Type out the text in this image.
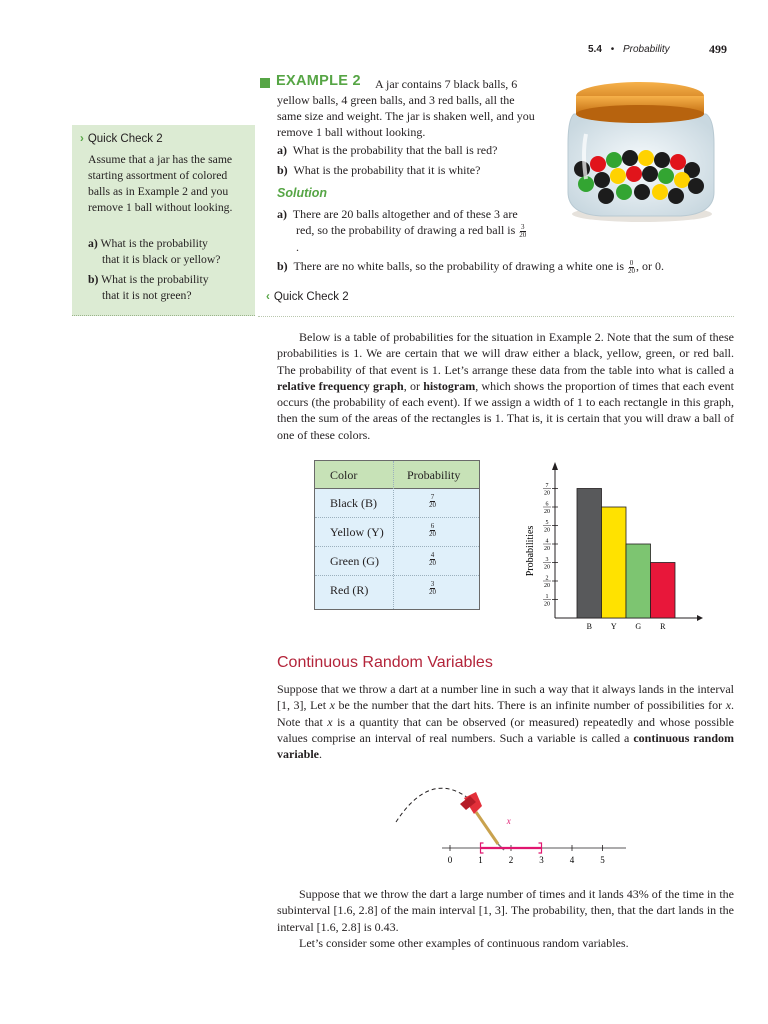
5.4 • Probability	499
› Quick Check 2
Assume that a jar has the same starting assortment of colored balls as in Example 2 and you remove 1 ball without looking.
a) What is the probability
that it is black or yellow?
b) What is the probability
that it is not green?
EXAMPLE 2	A jar contains 7 black balls, 6 yellow balls, 4 green balls, and 3 red balls, all the same size and weight. The jar is shaken well, and you remove 1 ball without looking.
a) What is the probability that the ball is red?
b) What is the probability that it is white?
Solution
a) There are 20 balls altogether and of these 3 are
red, so the probability of drawing a red ball is $\frac{3}{20}$
.
b) There are no white balls, so the probability of drawing a white one is $\frac{0}{20}$ , or 0.
‹ Quick Check 2
Below is a table of probabilities for the situation in Example 2. Note that the sum of these probabilities is 1. We are certain that we will draw either a black, yellow, green, or red ball. The probability of that event is 1. Let’s arrange these data from the table into what is called a relative frequency graph, or histogram, which shows the proportion of times that each event occurs (the probability of each event). If we assign a width of 1 to each rectangle in this graph, then the sum of the areas of the rectangles is 1. That is, it is certain that you will draw a ball of one of these colors.
Color	Probability
Black (B)	$\frac{7}{20}$
Yellow (Y)	$\frac{6}{20}$
Green (G)	$\frac{4}{20}$
Red (R)	$\frac{3}{20}$
1
20
2
20
3
20
4
20
5
20
6
20
7
20
B Y G R
Probabilities
Continuous Random Variables
Suppose that we throw a dart at a number line in such a way that it always lands in the interval [1, 3], Let x be the number that the dart hits. There is an infinite number of possibilities for x. Note that x is a quantity that can be observed (or measured) repeatedly and whose possible values comprise an interval of real numbers. Such a variable is called a continuous random variable.
0	1	2	3	4	5
x
Suppose that we throw the dart a large number of times and it lands 43% of the time in the subinterval [1.6, 2.8] of the main interval [1, 3]. The probability, then, that the dart lands in the interval [1.6, 2.8] is 0.43.
Let’s consider some other examples of continuous random variables.
